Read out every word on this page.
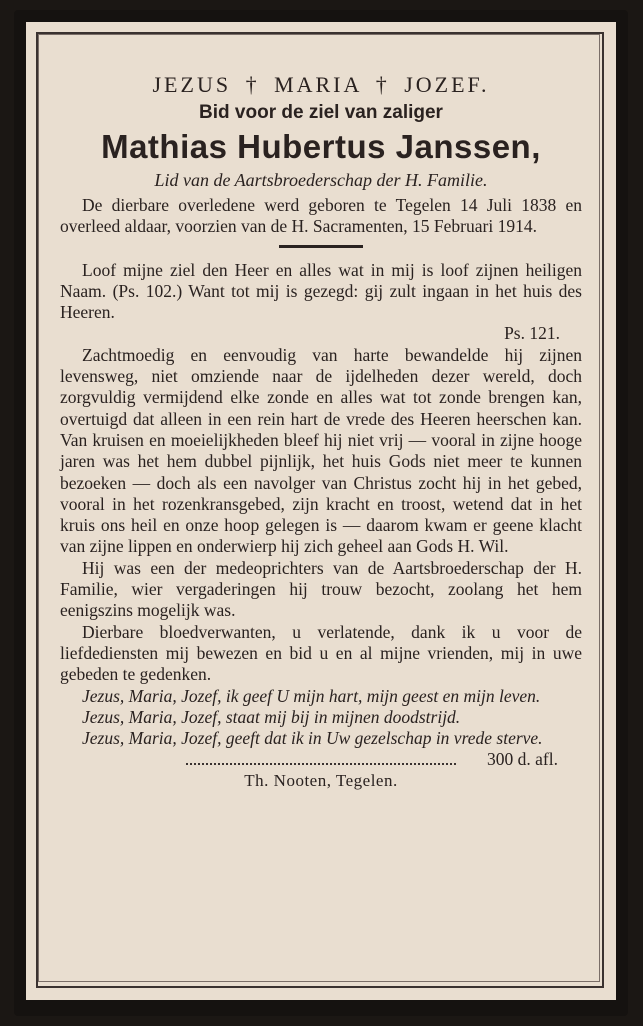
JEZUS † MARIA † JOZEF.
Bid voor de ziel van zaliger
Mathias Hubertus Janssen,
Lid van de Aartsbroederschap der H. Familie.

De dierbare overledene werd geboren te Tegelen 14 Juli 1838 en overleed aldaar, voorzien van de H. Sacramenten, 15 Februari 1914.

Loof mijne ziel den Heer en alles wat in mij is loof zijnen heiligen Naam. (Ps. 102.) Want tot mij is gezegd: gij zult ingaan in het huis des Heeren.

Ps. 121.

Zachtmoedig en eenvoudig van harte bewandelde hij zijnen levensweg, niet omziende naar de ijdelheden dezer wereld, doch zorgvuldig vermijdend elke zonde en alles wat tot zonde brengen kan, overtuigd dat alleen in een rein hart de vrede des Heeren heerschen kan. Van kruisen en moeielijkheden bleef hij niet vrij — vooral in zijne hooge jaren was het hem dubbel pijnlijk, het huis Gods niet meer te kunnen bezoeken — doch als een navolger van Christus zocht hij in het gebed, vooral in het rozenkransgebed, zijn kracht en troost, wetend dat in het kruis ons heil en onze hoop gelegen is — daarom kwam er geene klacht van zijne lippen en onderwierp hij zich geheel aan Gods H. Wil.

Hij was een der medeoprichters van de Aartsbroederschap der H. Familie, wier vergaderingen hij trouw bezocht, zoolang het hem eenigszins mogelijk was.

Dierbare bloedverwanten, u verlatende, dank ik u voor de liefdediensten mij bewezen en bid u en al mijne vrienden, mij in uwe gebeden te gedenken.

Jezus, Maria, Jozef, ik geef U mijn hart, mijn geest en mijn leven.

Jezus, Maria, Jozef, staat mij bij in mijnen doodstrijd.

Jezus, Maria, Jozef, geeft dat ik in Uw gezelschap in vrede sterve.
300 d. afl.

Th. Nooten, Tegelen.
